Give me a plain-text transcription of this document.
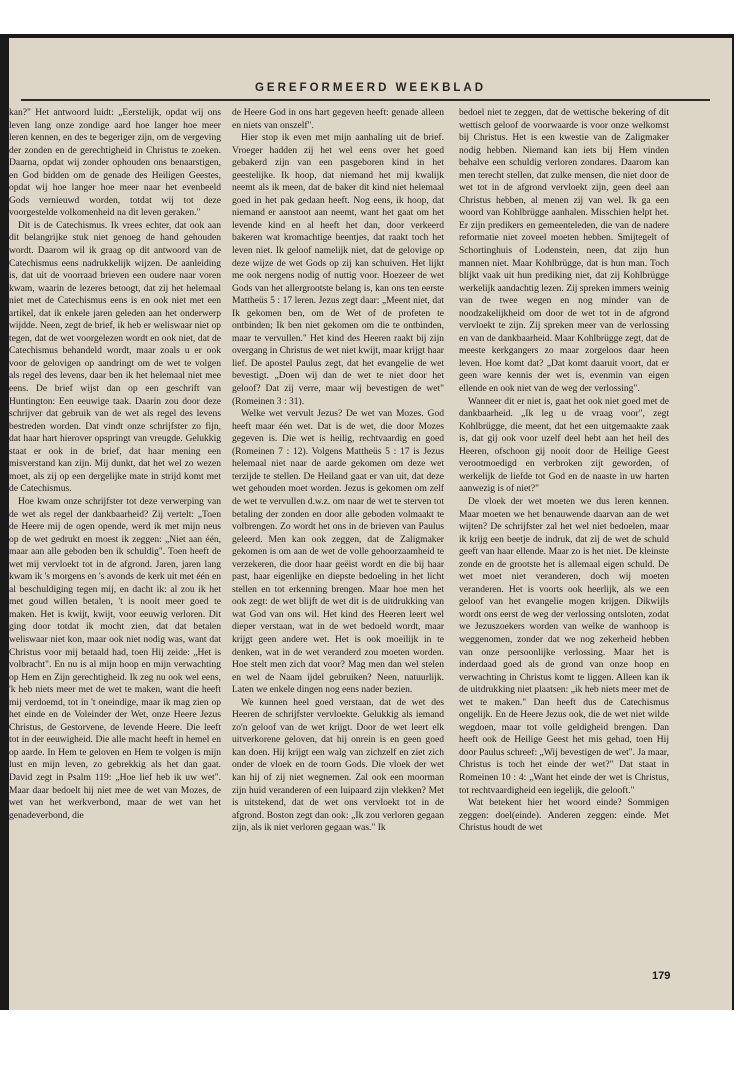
GEREFORMEERD WEEKBLAD

kan?" Het antwoord luidt: „Eerstelijk, opdat wij ons leven lang onze zondige aard hoe langer hoe meer leren kennen, en des te begeriger zijn, om de vergeving der zonden en de gerechtigheid in Christus te zoeken. Daarna, opdat wij zonder ophouden ons benaarstigen, en God bidden om de genade des Heiligen Geestes, opdat wij hoe langer hoe meer naar het evenbeeld Gods vernieuwd worden, totdat wij tot deze voorgestelde volkomenheid na dit leven geraken."

Dit is de Catechismus. Ik vrees echter, dat ook aan dit belangrijke stuk niet genoeg de hand gehouden wordt. Daarom wil ik graag op dit antwoord van de Catechismus eens nadrukkelijk wijzen. De aanleiding is, dat uit de voorraad brieven een oudere naar voren kwam, waarin de lezeres betoogt, dat zij het helemaal niet met de Catechismus eens is en ook niet met een artikel, dat ik enkele jaren geleden aan het onderwerp wijdde. Neen, zegt de brief, ik heb er weliswaar niet op tegen, dat de wet voorgelezen wordt en ook niet, dat de Catechismus behandeld wordt, maar zoals u er ook voor de gelovigen op aandringt om de wet te volgen als regel des levens, daar ben ik het helemaal niet mee eens. De brief wijst dan op een geschrift van Huntington: Een eeuwige taak. Daarin zou door deze schrijver dat gebruik van de wet als regel des levens bestreden worden. Dat vindt onze schrijfster zo fijn, dat haar hart hierover opspringt van vreugde. Gelukkig staat er ook in de brief, dat haar mening een misverstand kan zijn. Mij dunkt, dat het wel zo wezen moet, als zij op een dergelijke mate in strijd komt met de Catechismus.

Hoe kwam onze schrijfster tot deze verwerping van de wet als regel der dankbaarheid? Zij vertelt: „Toen de Heere mij de ogen opende, werd ik met mijn neus op de wet gedrukt en moest ik zeggen: „Niet aan één, maar aan alle geboden ben ik schuldig". Toen heeft de wet mij vervloekt tot in de afgrond. Jaren, jaren lang kwam ik 's morgens en 's avonds de kerk uit met één en al beschuldiging tegen mij, en dacht ik: al zou ik het met goud willen betalen, 't is nooit meer goed te maken. Het is kwijt, kwijt, voor eeuwig verloren. Dit ging door totdat ik mocht zien, dat dat betalen weliswaar niet kon, maar ook niet nodig was, want dat Christus voor mij betaald had, toen Hij zeide: „Het is volbracht". En nu is al mijn hoop en mijn verwachting op Hem en Zijn gerechtigheid. Ik zeg nu ook wel eens, 'k heb niets meer met de wet te maken, want die heeft mij verdoemd, tot in 't oneindige, maar ik mag zien op het einde en de Voleinder der Wet, onze Heere Jezus Christus, de Gestorvene, de levende Heere. Die leeft tot in der eeuwigheid. Die alle macht heeft in hemel en op aarde. In Hem te geloven en Hem te volgen is mijn lust en mijn leven, zo gebrekkig als het dan gaat. David zegt in Psalm 119: „Hoe lief heb ik uw wet". Maar daar bedoelt hij niet mee de wet van Mozes, de wet van het werkverbond, maar de wet van het genadeverbond, die

de Heere God in ons hart gegeven heeft: genade alleen en niets van onszelf".

Hier stop ik even met mijn aanhaling uit de brief. Vroeger hadden zij het wel eens over het goed gebakerd zijn van een pasgeboren kind in het geestelijke. Ik hoop, dat niemand het mij kwalijk neemt als ik meen, dat de baker dit kind niet helemaal goed in het pak gedaan heeft. Nog eens, ik hoop, dat niemand er aanstoot aan neemt, want het gaat om het levende kind en al heeft het dan, door verkeerd bakeren wat kromachtige beentjes, dat raakt toch het leven niet. Ik geloof namelijk niet, dat de gelovige op deze wijze de wet Gods op zij kan schuiven. Het lijkt me ook nergens nodig of nuttig voor. Hoezeer de wet Gods van het allergrootste belang is, kan ons ten eerste Mattheüs 5 : 17 leren. Jezus zegt daar: „Meent niet, dat Ik gekomen ben, om de Wet of de profeten te ontbinden; Ik ben niet gekomen om die te ontbinden, maar te vervullen." Het kind des Heeren raakt bij zijn overgang in Christus de wet niet kwijt, maar krijgt haar lief. De apostel Paulus zegt, dat het evangelie de wet bevestigt. „Doen wij dan de wet te niet door het geloof? Dat zij verre, maar wij bevestigen de wet" (Romeinen 3 : 31).

Welke wet vervult Jezus? De wet van Mozes. God heeft maar één wet. Dat is de wet, die door Mozes gegeven is. Die wet is heilig, rechtvaardig en goed (Romeinen 7 : 12). Volgens Mattheüs 5 : 17 is Jezus helemaal niet naar de aarde gekomen om deze wet terzijde te stellen. De Heiland gaat er van uit, dat deze wet gehouden moet worden. Jezus is gekomen om zelf de wet te vervullen d.w.z. om naar de wet te sterven tot betaling der zonden en door alle geboden volmaakt te volbrengen. Zo wordt het ons in de brieven van Paulus geleerd. Men kan ook zeggen, dat de Zaligmaker gekomen is om aan de wet de volle gehoorzaamheid te verzekeren, die door haar geëist wordt en die bij haar past, haar eigenlijke en diepste bedoeling in het licht stellen en tot erkenning brengen. Maar hoe men het ook zegt: de wet blijft de wet dit is de uitdrukking van wat God van ons wil. Het kind des Heeren leert wel dieper verstaan, wat in de wet bedoeld wordt, maar krijgt geen andere wet. Het is ook moeilijk in te denken, wat in de wet veranderd zou moeten worden. Hoe stelt men zich dat voor? Mag men dan wel stelen en wel de Naam ijdel gebruiken? Neen, natuurlijk. Laten we enkele dingen nog eens nader bezien.

We kunnen heel goed verstaan, dat de wet des Heeren de schrijfster vervloekte. Gelukkig als iemand zo'n geloof van de wet krijgt. Door de wet leert elk uitverkorene geloven, dat hij onrein is en geen goed kan doen. Hij krijgt een walg van zichzelf en ziet zich onder de vloek en de toorn Gods. Die vloek der wet kan hij of zij niet wegnemen. Zal ook een moorman zijn huid veranderen of een luipaard zijn vlekken? Met is uitstekend, dat de wet ons vervloekt tot in de afgrond. Boston zegt dan ook: „Ik zou verloren gegaan zijn, als ik niet verloren gegaan was." Ik

bedoel niet te zeggen, dat de wettische bekering of dit wettisch geloof de voorwaarde is voor onze welkomst bij Christus. Het is een kwestie van de Zaligmaker nodig hebben. Niemand kan iets bij Hem vinden behalve een schuldig verloren zondares. Daarom kan men terecht stellen, dat zulke mensen, die niet door de wet tot in de afgrond vervloekt zijn, geen deel aan Christus hebben, al menen zij van wel. Ik ga een woord van Kohlbrügge aanhalen. Misschien helpt het. Er zijn predikers en gemeenteleden, die van de nadere reformatie niet zoveel moeten hebben. Smijtegelt of Schortinghuis of Lodenstein, neen, dat zijn hun mannen niet. Maar Kohlbrügge, dat is hun man. Toch blijkt vaak uit hun prediking niet, dat zij Kohlbrügge werkelijk aandachtig lezen. Zij spreken immers weinig van de twee wegen en nog minder van de noodzakelijkheid om door de wet tot in de afgrond vervloekt te zijn. Zij spreken meer van de verlossing en van de dankbaarheid. Maar Kohlbrügge zegt, dat de meeste kerkgangers zo maar zorgeloos daar heen leven. Hoe komt dat? „Dat komt daaruit voort, dat er geen ware kennis der wet is, evenmin van eigen ellende en ook niet van de weg der verlossing".

Wanneer dit er niet is, gaat het ook niet goed met de dankbaarheid. „Ik leg u de vraag voor", zegt Kohlbrügge, die meent, dat het een uitgemaakte zaak is, dat gij ook voor uzelf deel hebt aan het heil des Heeren, ofschoon gij nooit door de Heilige Geest verootmoedigd en verbroken zijt geworden, of werkelijk de liefde tot God en de naaste in uw harten aanwezig is of niet?"

De vloek der wet moeten we dus leren kennen. Maar moeten we het benauwende daarvan aan de wet wijten? De schrijfster zal het wel niet bedoelen, maar ik krijg een beetje de indruk, dat zij de wet de schuld geeft van haar ellende. Maar zo is het niet. De kleinste zonde en de grootste het is allemaal eigen schuld. De wet moet niet veranderen, doch wij moeten veranderen. Het is voorts ook heerlijk, als we een geloof van het evangelie mogen krijgen. Dikwijls wordt ons eerst de weg der verlossing ontsloten, zodat we Jezuszoekers worden van welke de wanhoop is weggenomen, zonder dat we nog zekerheid hebben van onze persoonlijke verlossing. Maar het is inderdaad goed als de grond van onze hoop en verwachting in Christus komt te liggen. Alleen kan ik de uitdrukking niet plaatsen: „ik heb niets meer met de wet te maken." Dan heeft dus de Catechismus ongelijk. En de Heere Jezus ook, die de wet niet wilde wegdoen, maar tot volle geldigheid brengen. Dan heeft ook de Heilige Geest het mis gehad, toen Hij door Paulus schreef: „Wij bevestigen de wet". Ja maar, Christus is toch het einde der wet?" Dat staat in Romeinen 10 : 4: „Want het einde der wet is Christus, tot rechtvaardigheid een iegelijk, die gelooft."

Wat betekent hier het woord einde? Sommigen zeggen: doel(einde). Anderen zeggen: einde. Met Christus houdt de wet

179
